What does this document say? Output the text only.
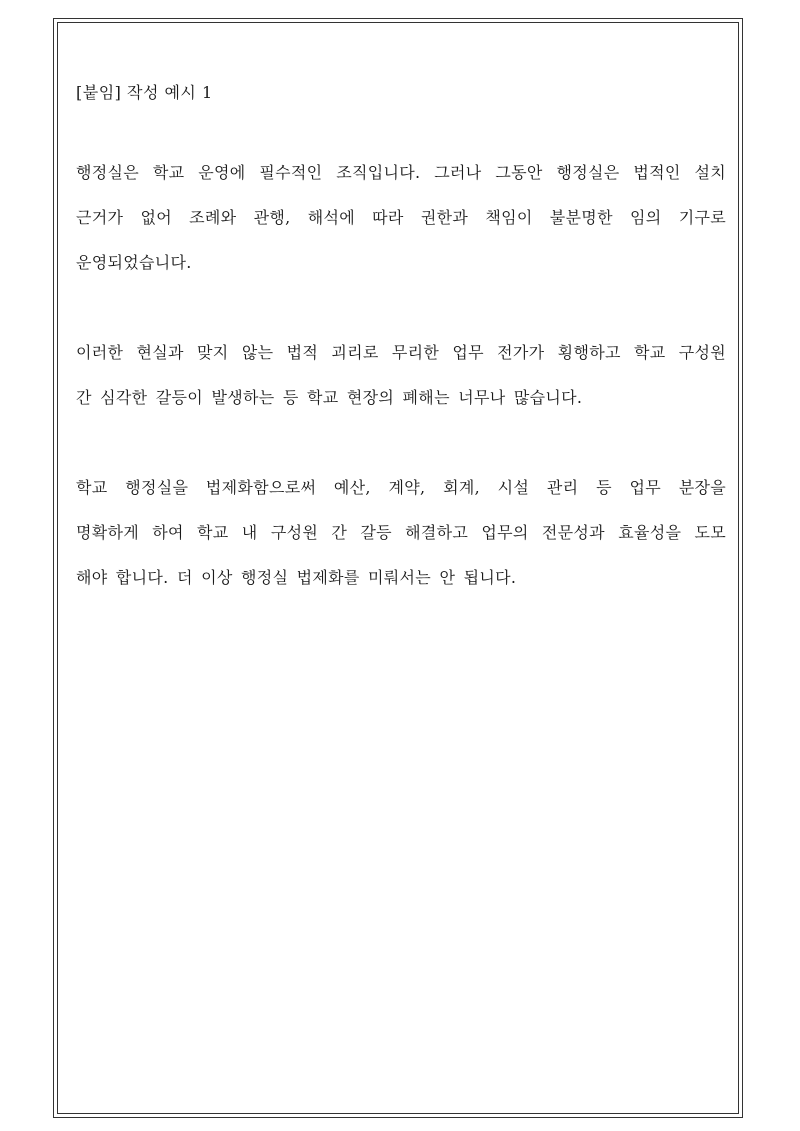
[붙임] 작성 예시 1
행정실은 학교 운영에 필수적인 조직입니다. 그러나 그동안 행정실은 법적인 설치
근거가 없어 조례와 관행, 해석에 따라 권한과 책임이 불분명한 임의 기구로
운영되었습니다.
이러한 현실과 맞지 않는 법적 괴리로 무리한 업무 전가가 횡행하고 학교 구성원
간 심각한 갈등이 발생하는 등 학교 현장의 폐해는 너무나 많습니다.
학교 행정실을 법제화함으로써 예산, 계약, 회계, 시설 관리 등 업무 분장을
명확하게 하여 학교 내 구성원 간 갈등 해결하고 업무의 전문성과 효율성을 도모
해야 합니다. 더 이상 행정실 법제화를 미뤄서는 안 됩니다.
